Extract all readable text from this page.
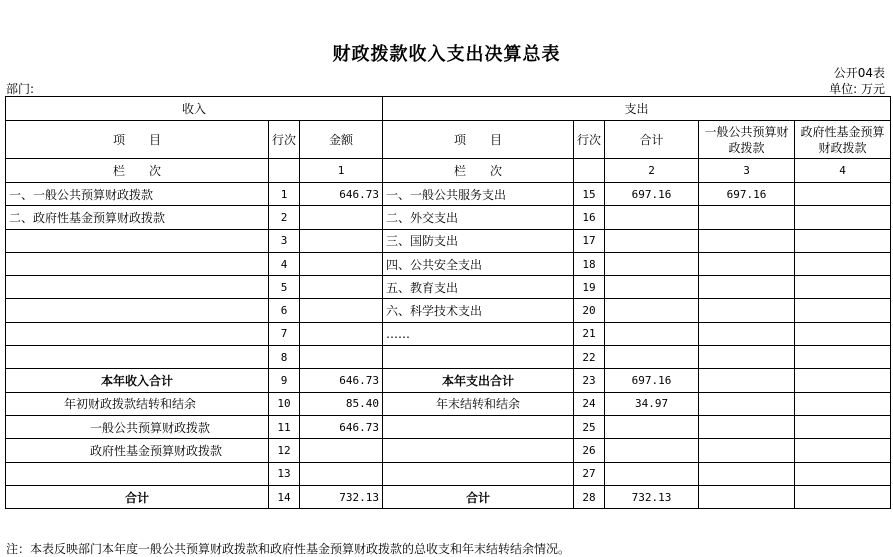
财政拨款收入支出决算总表
公开04表
部门:	单位: 万元
收入			支出				
项　　目	行次	金额	项　　目	行次	合计	一般公共预算财政拨款	政府性基金预算财政拨款
栏　　次		1	栏　　次		2	3	4
一、一般公共预算财政拨款	1	646.73	一、一般公共服务支出	15	697.16	697.16	
二、政府性基金预算财政拨款	2		二、外交支出	16			
	3		三、国防支出	17			
	4		四、公共安全支出	18			
	5		五、教育支出	19			
	6		六、科学技术支出	20			
	7		……	21			
	8			22			
本年收入合计	9	646.73	本年支出合计	23	697.16		
年初财政拨款结转和结余	10	85.40	年末结转和结余	24	34.97		
一般公共预算财政拨款	11	646.73		25			
政府性基金预算财政拨款	12			26			
	13			27			
合计	14	732.13	合计	28	732.13		
注：本表反映部门本年度一般公共预算财政拨款和政府性基金预算财政拨款的总收支和年末结转结余情况。
